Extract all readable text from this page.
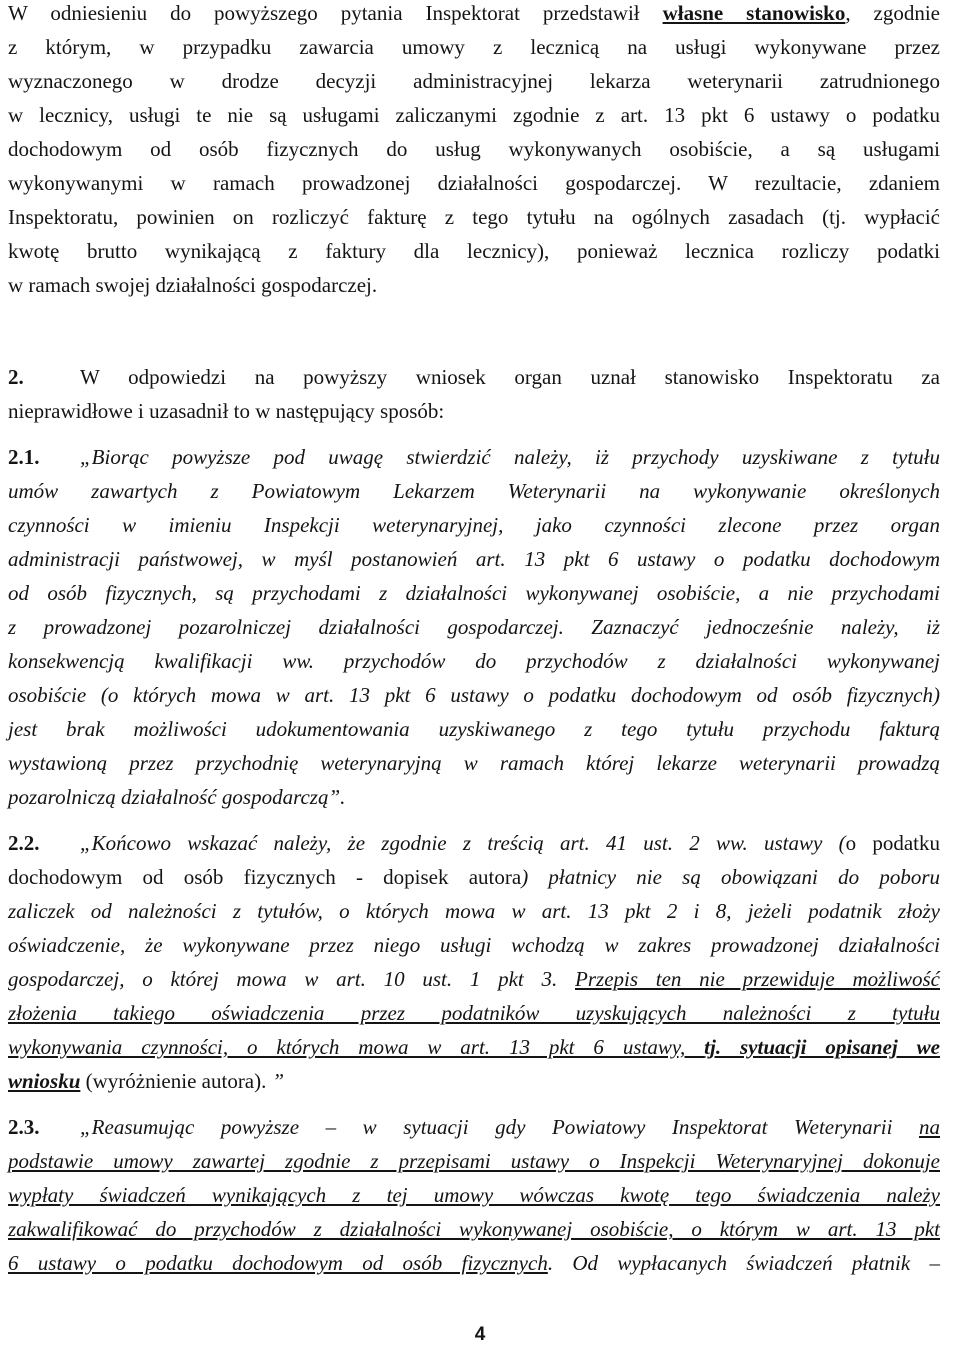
W odniesieniu do powyższego pytania Inspektorat przedstawił własne stanowisko, zgodnie
z którym, w przypadku zawarcia umowy z lecznicą na usługi wykonywane przez
wyznaczonego w drodze decyzji administracyjnej lekarza weterynarii zatrudnionego
w lecznicy, usługi te nie są usługami zaliczanymi zgodnie z art. 13 pkt 6 ustawy o podatku
dochodowym od osób fizycznych do usług wykonywanych osobiście, a są usługami
wykonywanymi w ramach prowadzonej działalności gospodarczej. W rezultacie, zdaniem
Inspektoratu, powinien on rozliczyć fakturę z tego tytułu na ogólnych zasadach (tj. wypłacić
kwotę brutto wynikającą z faktury dla lecznicy), ponieważ lecznica rozliczy podatki
w ramach swojej działalności gospodarczej.
2.	W odpowiedzi na powyższy wniosek organ uznał stanowisko Inspektoratu za
nieprawidłowe i uzasadnił to w następujący sposób:
2.1. „Biorąc powyższe pod uwagę stwierdzić należy, iż przychody uzyskiwane z tytułu
umów zawartych z Powiatowym Lekarzem Weterynarii na wykonywanie określonych
czynności w imieniu Inspekcji weterynaryjnej, jako czynności zlecone przez organ
administracji państwowej, w myśl postanowień art. 13 pkt 6 ustawy o podatku dochodowym
od osób fizycznych, są przychodami z działalności wykonywanej osobiście, a nie przychodami
z prowadzonej pozarolniczej działalności gospodarczej. Zaznaczyć jednocześnie należy, iż
konsekwencją kwalifikacji ww. przychodów do przychodów z działalności wykonywanej
osobiście (o których mowa w art. 13 pkt 6 ustawy o podatku dochodowym od osób fizycznych)
jest brak możliwości udokumentowania uzyskiwanego z tego tytułu przychodu fakturą
wystawioną przez przychodnię weterynaryjną w ramach której lekarze weterynarii prowadzą
pozarolniczą działalność gospodarczą”.
2.2. „Końcowo wskazać należy, że zgodnie z treścią art. 41 ust. 2 ww. ustawy (o podatku
dochodowym od osób fizycznych - dopisek autora) płatnicy nie są obowiązani do poboru
zaliczek od należności z tytułów, o których mowa w art. 13 pkt 2 i 8, jeżeli podatnik złoży
oświadczenie, że wykonywane przez niego usługi wchodzą w zakres prowadzonej działalności
gospodarczej, o której mowa w art. 10 ust. 1 pkt 3. Przepis ten nie przewiduje możliwość
złożenia takiego oświadczenia przez podatników uzyskujących należności z tytułu
wykonywania czynności, o których mowa w art. 13 pkt 6 ustawy, tj. sytuacji opisanej we
wniosku (wyróżnienie autora). ”
2.3. „Reasumując powyższe – w sytuacji gdy Powiatowy Inspektorat Weterynarii na
podstawie umowy zawartej zgodnie z przepisami ustawy o Inspekcji Weterynaryjnej dokonuje
wypłaty świadczeń wynikających z tej umowy wówczas kwotę tego świadczenia należy
zakwalifikować do przychodów z działalności wykonywanej osobiście, o którym w art. 13 pkt
6 ustawy o podatku dochodowym od osób fizycznych. Od wypłacanych świadczeń płatnik –
4
